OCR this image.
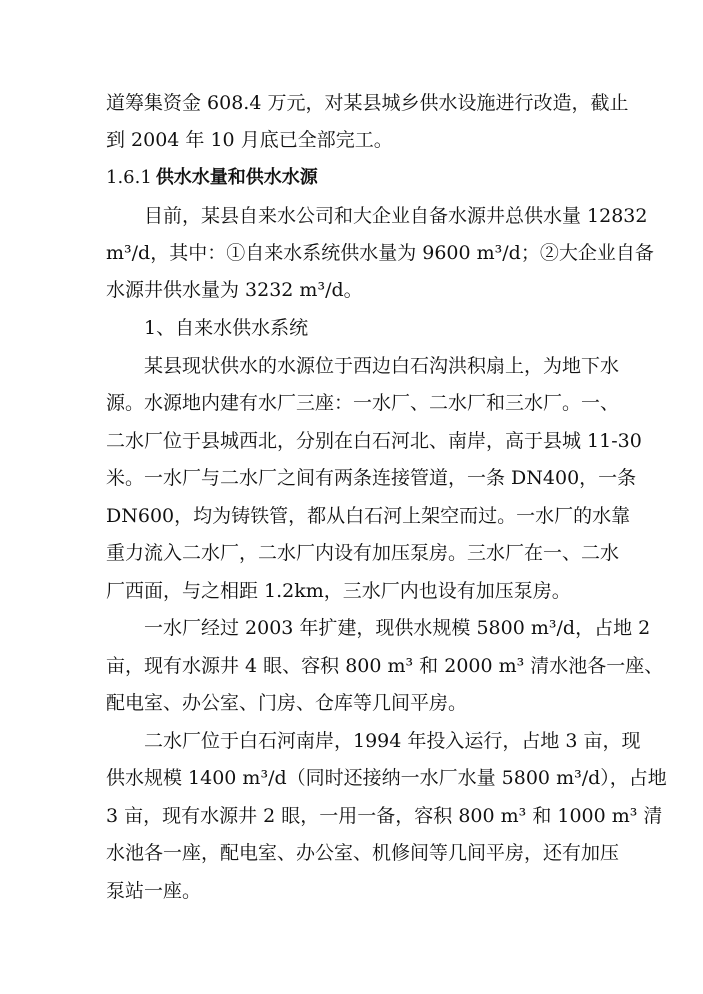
道筹集资金 608.4 万元，对某县城乡供水设施进行改造，截止
到 2004 年 10 月底已全部完工。
1.6.1 供水水量和供水水源
目前，某县自来水公司和大企业自备水源井总供水量 12832
m³/d，其中：①自来水系统供水量为 9600 m³/d；②大企业自备
水源井供水量为 3232 m³/d。
1、自来水供水系统
某县现状供水的水源位于西边白石沟洪积扇上，为地下水
源。水源地内建有水厂三座：一水厂、二水厂和三水厂。一、
二水厂位于县城西北，分别在白石河北、南岸，高于县城 11-30
米。一水厂与二水厂之间有两条连接管道，一条 DN400，一条
DN600，均为铸铁管，都从白石河上架空而过。一水厂的水靠
重力流入二水厂，二水厂内设有加压泵房。三水厂在一、二水
厂西面，与之相距 1.2km，三水厂内也设有加压泵房。
一水厂经过 2003 年扩建，现供水规模 5800 m³/d，占地 2
亩，现有水源井 4 眼、容积 800 m³ 和 2000 m³ 清水池各一座、
配电室、办公室、门房、仓库等几间平房。
二水厂位于白石河南岸，1994 年投入运行，占地 3 亩，现
供水规模 1400 m³/d（同时还接纳一水厂水量 5800 m³/d），占地
3 亩，现有水源井 2 眼，一用一备，容积 800 m³ 和 1000 m³ 清
水池各一座，配电室、办公室、机修间等几间平房，还有加压
泵站一座。
